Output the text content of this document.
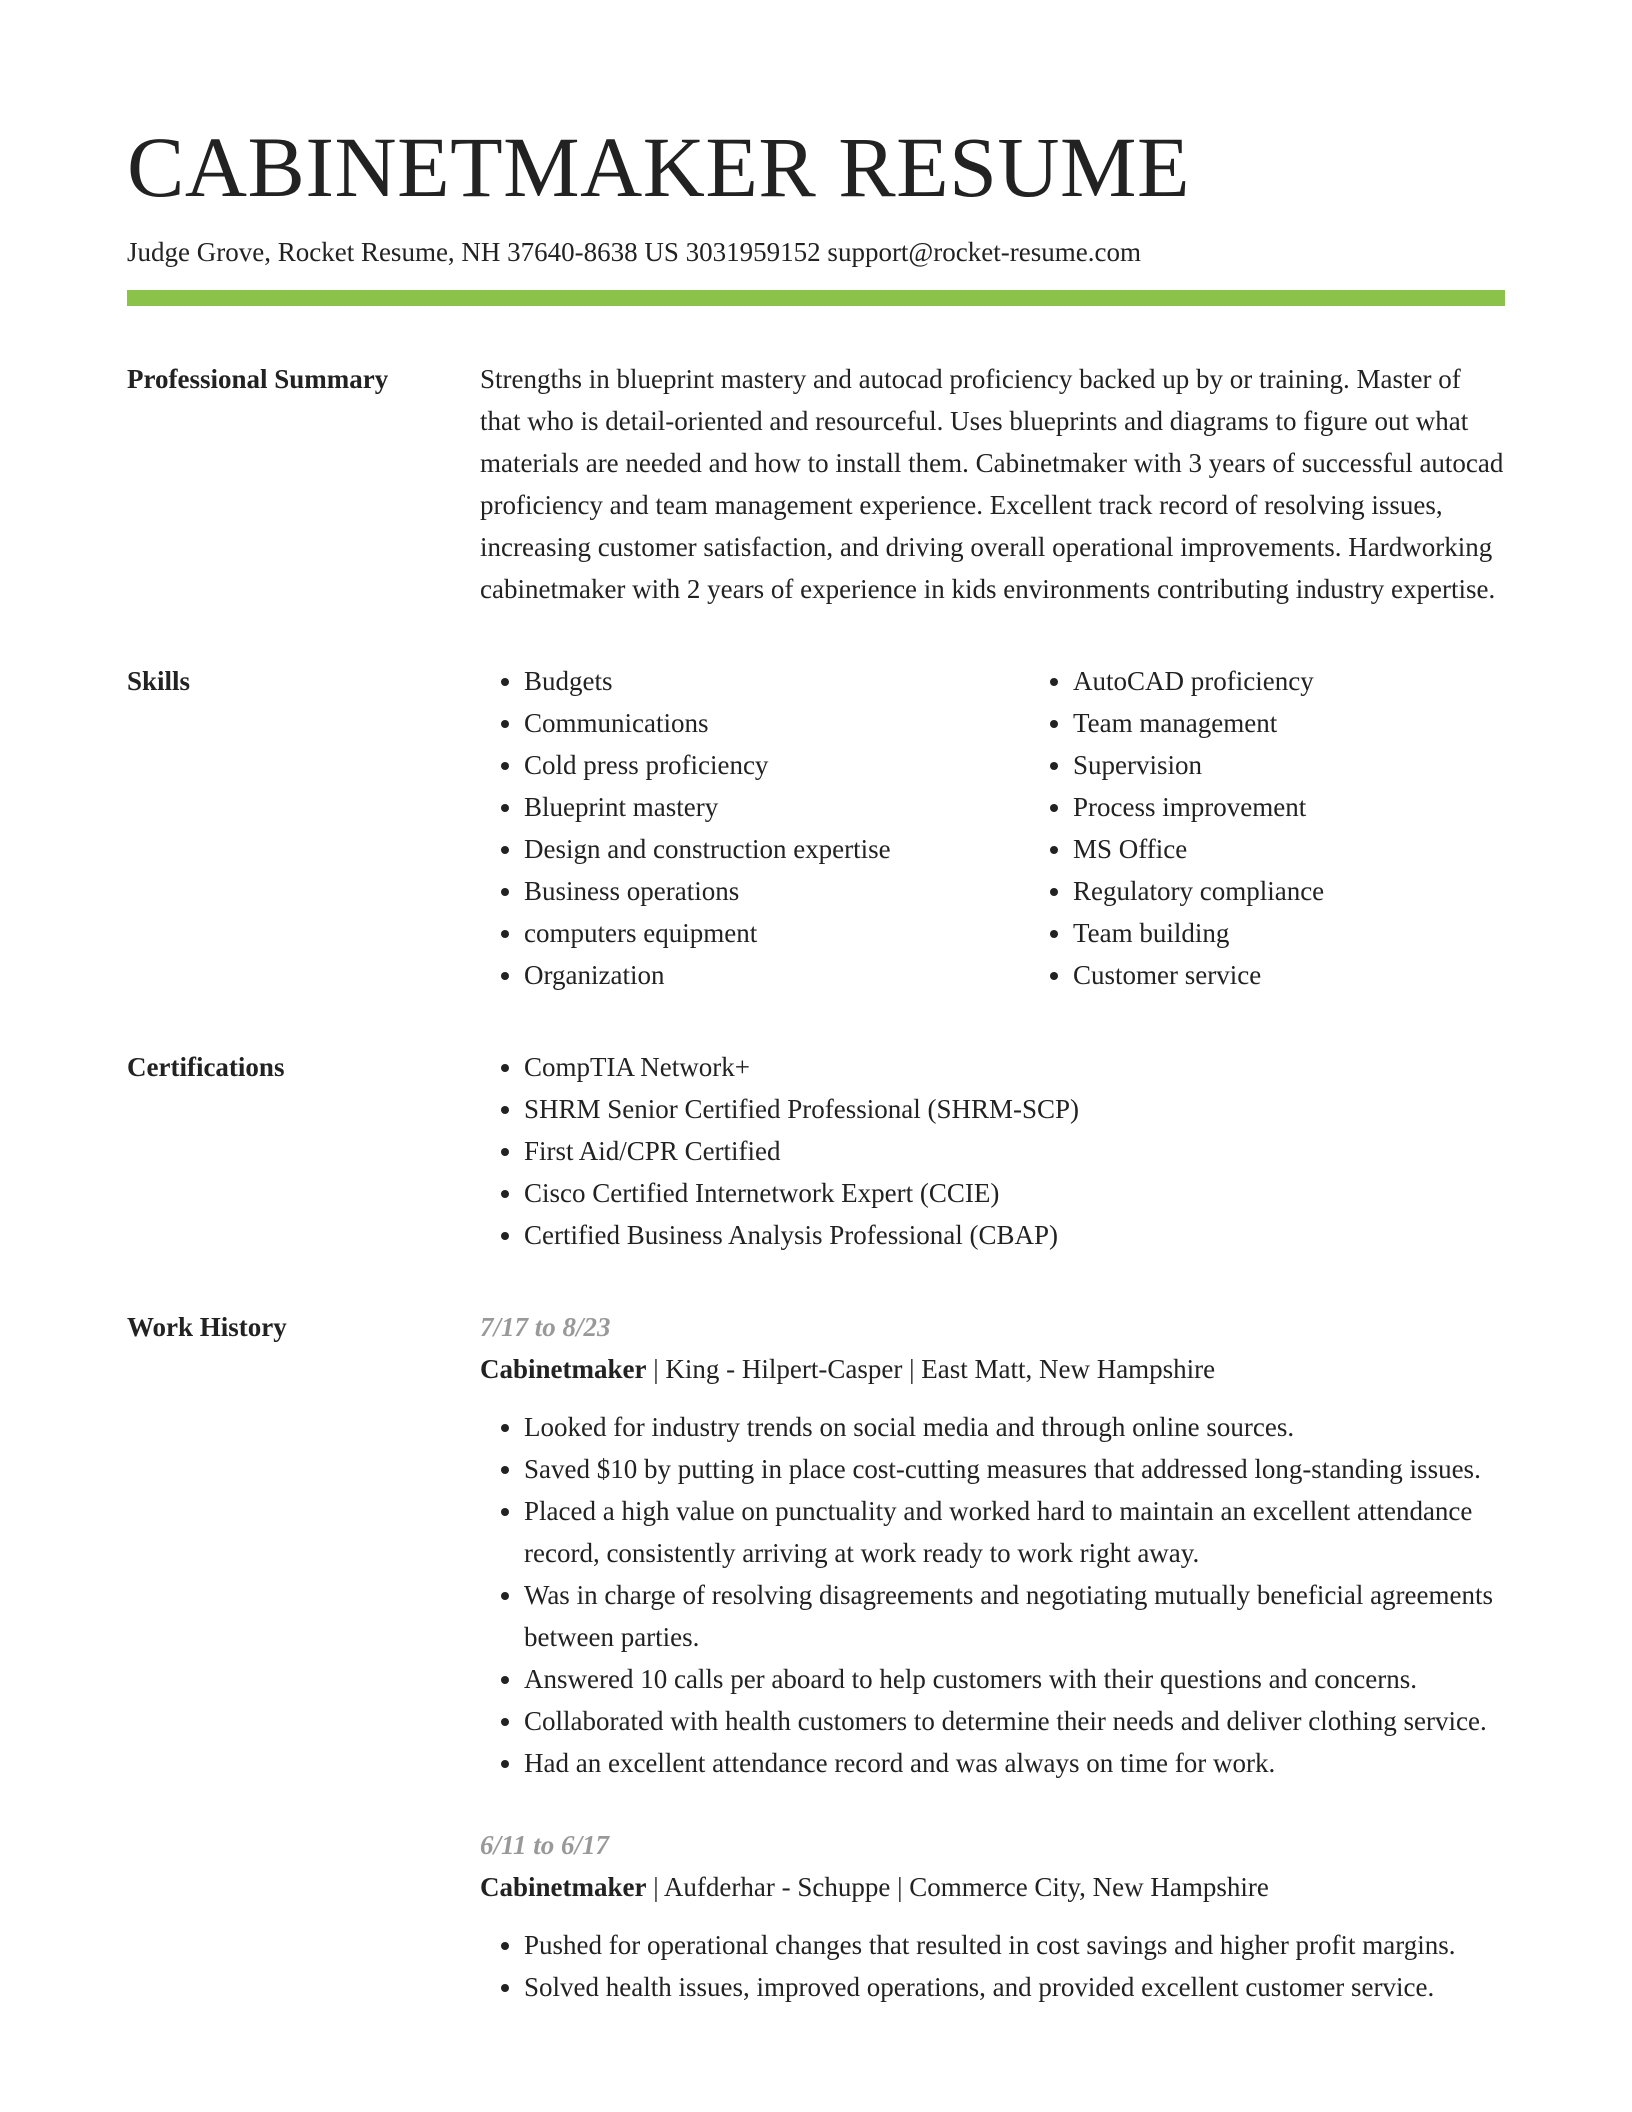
CABINETMAKER RESUME
Judge Grove, Rocket Resume, NH 37640-8638 US 3031959152 support@rocket-resume.com
Professional Summary	Strengths in blueprint mastery and autocad proficiency backed up by or training. Master of that who is detail-oriented and resourceful. Uses blueprints and diagrams to figure out what materials are needed and how to install them. Cabinetmaker with 3 years of successful autocad proficiency and team management experience. Excellent track record of resolving issues, increasing customer satisfaction, and driving overall operational improvements. Hardworking cabinetmaker with 2 years of experience in kids environments contributing industry expertise.

Skills	• Budgets
• Communications
• Cold press proficiency
• Blueprint mastery
• Design and construction expertise
• Business operations
• computers equipment
• Organization
• AutoCAD proficiency
• Team management
• Supervision
• Process improvement
• MS Office
• Regulatory compliance
• Team building
• Customer service
Certifications	• CompTIA Network+
• SHRM Senior Certified Professional (SHRM-SCP)
• First Aid/CPR Certified
• Cisco Certified Internetwork Expert (CCIE)
• Certified Business Analysis Professional (CBAP)
Work History	7/17 to 8/23
Cabinetmaker | King - Hilpert-Casper | East Matt, New Hampshire
• Looked for industry trends on social media and through online sources.
• Saved $10 by putting in place cost-cutting measures that addressed long-standing issues.
• Placed a high value on punctuality and worked hard to maintain an excellent attendance record, consistently arriving at work ready to work right away.
• Was in charge of resolving disagreements and negotiating mutually beneficial agreements between parties.
• Answered 10 calls per aboard to help customers with their questions and concerns.
• Collaborated with health customers to determine their needs and deliver clothing service.
• Had an excellent attendance record and was always on time for work.
6/11 to 6/17
Cabinetmaker | Aufderhar - Schuppe | Commerce City, New Hampshire
• Pushed for operational changes that resulted in cost savings and higher profit margins.
• Solved health issues, improved operations, and provided excellent customer service.
